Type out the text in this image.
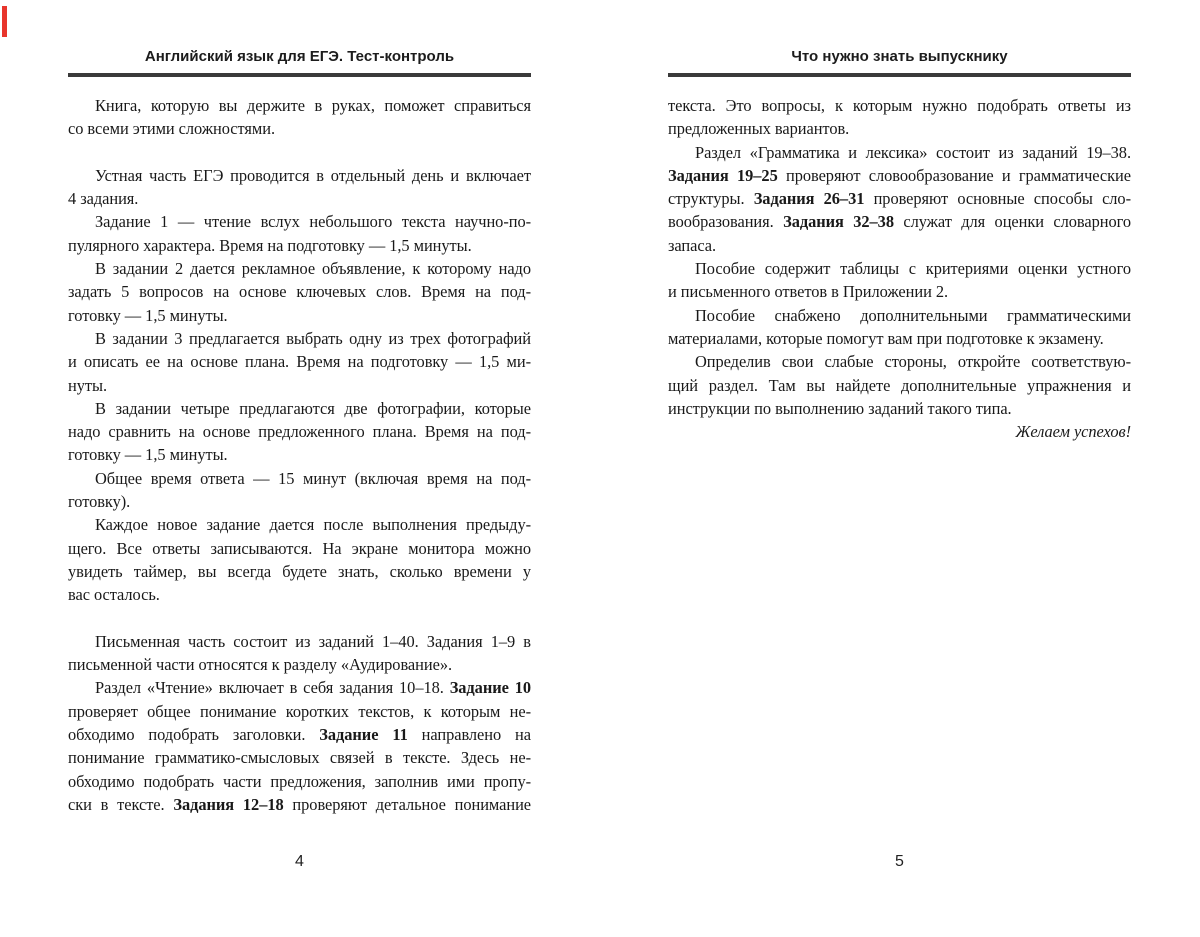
Английский язык для ЕГЭ. Тест-контроль
Книга, которую вы держите в руках, поможет справиться
со всеми этими сложностями.
Устная часть ЕГЭ проводится в отдельный день и включает
4 задания.
Задание 1 — чтение вслух небольшого текста научно-по-
пулярного характера. Время на подготовку — 1,5 минуты.
В задании 2 дается рекламное объявление, к которому надо
задать 5 вопросов на основе ключевых слов. Время на под-
готовку — 1,5 минуты.
В задании 3 предлагается выбрать одну из трех фотографий
и описать ее на основе плана. Время на подготовку — 1,5 ми-
нуты.
В задании четыре предлагаются две фотографии, которые
надо сравнить на основе предложенного плана. Время на под-
готовку — 1,5 минуты.
Общее время ответа — 15 минут (включая время на под-
готовку).
Каждое новое задание дается после выполнения предыду-
щего. Все ответы записываются. На экране монитора можно
увидеть таймер, вы всегда будете знать, сколько времени у
вас осталось.
Письменная часть состоит из заданий 1–40. Задания 1–9 в
письменной части относятся к разделу «Аудирование».
Раздел «Чтение» включает в себя задания 10–18. Задание 10
проверяет общее понимание коротких текстов, к которым не-
обходимо подобрать заголовки. Задание 11 направлено на
понимание грамматико-смысловых связей в тексте. Здесь не-
обходимо подобрать части предложения, заполнив ими пропу-
ски в тексте. Задания 12–18 проверяют детальное понимание
4
Что нужно знать выпускнику
текста. Это вопросы, к которым нужно подобрать ответы из
предложенных вариантов.
Раздел «Грамматика и лексика» состоит из заданий 19–38.
Задания 19–25 проверяют словообразование и грамматические
структуры. Задания 26–31 проверяют основные способы сло-
вообразования. Задания 32–38 служат для оценки словарного
запаса.
Пособие содержит таблицы с критериями оценки устного
и письменного ответов в Приложении 2.
Пособие снабжено дополнительными грамматическими
материалами, которые помогут вам при подготовке к экзамену.
Определив свои слабые стороны, откройте соответствую-
щий раздел. Там вы найдете дополнительные упражнения и
инструкции по выполнению заданий такого типа.
Желаем успехов!
5
